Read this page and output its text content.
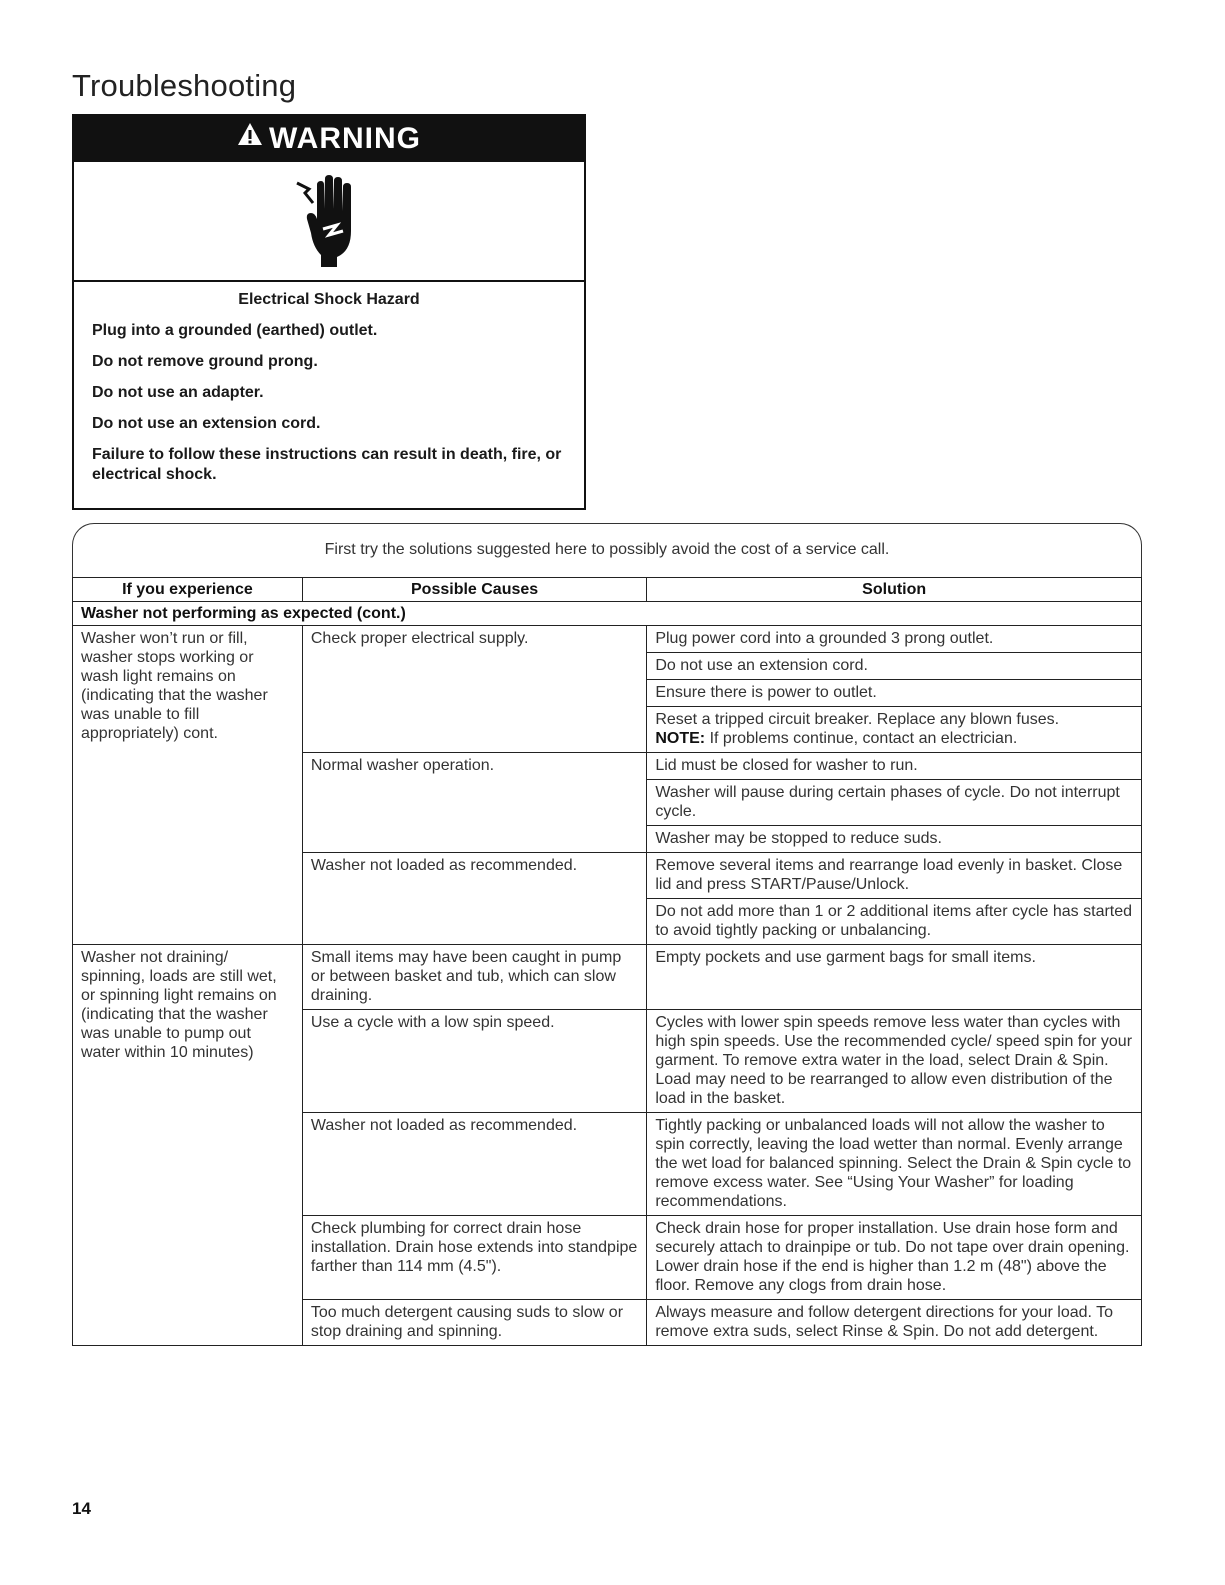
Troubleshooting
WARNING
Electrical Shock Hazard

Plug into a grounded (earthed) outlet.

Do not remove ground prong.

Do not use an adapter.

Do not use an extension cord.

Failure to follow these instructions can result in death, fire, or electrical shock.

First try the solutions suggested here to possibly avoid the cost of a service call.
If you experience	Possible Causes	Solution
Washer not performing as expected (cont.)		
Washer won’t run or fill, washer stops working or wash light remains on (indicating that the washer was unable to fill appropriately) cont.	Check proper electrical supply.	Plug power cord into a grounded 3 prong outlet.
		Do not use an extension cord.
		Ensure there is power to outlet.
		Reset a tripped circuit breaker. Replace any blown fuses.
NOTE: If problems continue, contact an electrician.
	Normal washer operation.	Lid must be closed for washer to run.
		Washer will pause during certain phases of cycle. Do not interrupt cycle.
		Washer may be stopped to reduce suds.
	Washer not loaded as recommended.	Remove several items and rearrange load evenly in basket. Close lid and press START/Pause/Unlock.
		Do not add more than 1 or 2 additional items after cycle has started to avoid tightly packing or unbalancing.
Washer not draining/ spinning, loads are still wet, or spinning light remains on (indicating that the washer was unable to pump out water within 10 minutes)	Small items may have been caught in pump or between basket and tub, which can slow draining.	Empty pockets and use garment bags for small items.
	Use a cycle with a low spin speed.	Cycles with lower spin speeds remove less water than cycles with high spin speeds. Use the recommended cycle/ speed spin for your garment. To remove extra water in the load, select Drain & Spin. Load may need to be rearranged to allow even distribution of the load in the basket.
	Washer not loaded as recommended.	Tightly packing or unbalanced loads will not allow the washer to spin correctly, leaving the load wetter than normal. Evenly arrange the wet load for balanced spinning. Select the Drain & Spin cycle to remove excess water. See “Using Your Washer” for loading recommendations.
	Check plumbing for correct drain hose installation. Drain hose extends into standpipe farther than 114 mm (4.5").	Check drain hose for proper installation. Use drain hose form and securely attach to drainpipe or tub. Do not tape over drain opening. Lower drain hose if the end is higher than 1.2 m (48") above the floor. Remove any clogs from drain hose.
	Too much detergent causing suds to slow or stop draining and spinning.	Always measure and follow detergent directions for your load. To remove extra suds, select Rinse & Spin. Do not add detergent.
14
